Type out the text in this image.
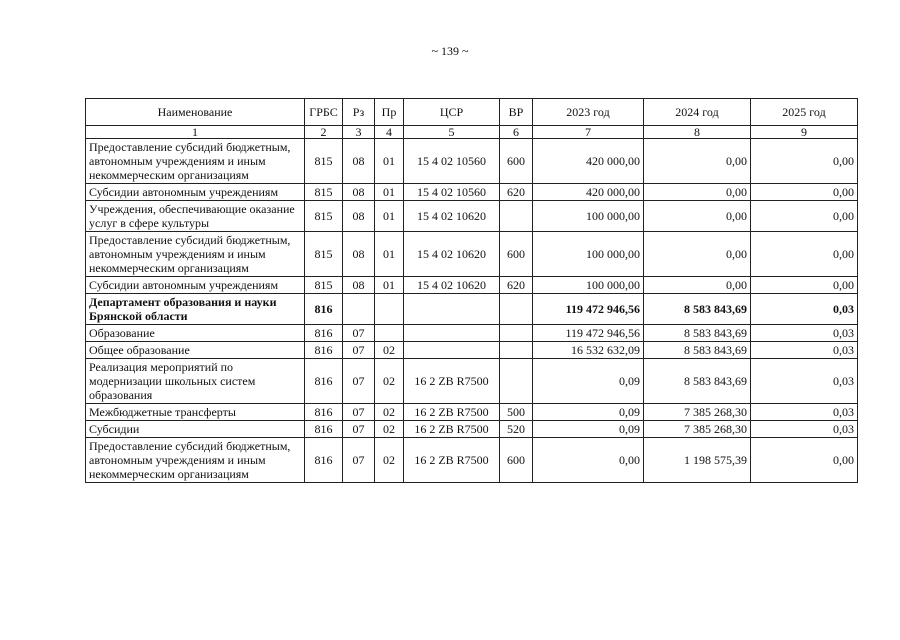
~ 139 ~
Наименование	ГРБС	Рз	Пр	ЦСР	ВР	2023 год	2024 год	2025 год
1	2	3	4	5	6	7	8	9
Предоставление субсидий бюджетным, автономным учреждениям и иным некоммерческим организациям	815	08	01	15 4 02 10560	600	420 000,00	0,00	0,00
Субсидии автономным учреждениям	815	08	01	15 4 02 10560	620	420 000,00	0,00	0,00
Учреждения, обеспечивающие оказание услуг в сфере культуры	815	08	01	15 4 02 10620		100 000,00	0,00	0,00
Предоставление субсидий бюджетным, автономным учреждениям и иным некоммерческим организациям	815	08	01	15 4 02 10620	600	100 000,00	0,00	0,00
Субсидии автономным учреждениям	815	08	01	15 4 02 10620	620	100 000,00	0,00	0,00
Департамент образования и науки Брянской области	816					119 472 946,56	8 583 843,69	0,03
Образование	816	07				119 472 946,56	8 583 843,69	0,03
Общее образование	816	07	02			16 532 632,09	8 583 843,69	0,03
Реализация мероприятий по модернизации школьных систем образования	816	07	02	16 2 ZB R7500		0,09	8 583 843,69	0,03
Межбюджетные трансферты	816	07	02	16 2 ZB R7500	500	0,09	7 385 268,30	0,03
Субсидии	816	07	02	16 2 ZB R7500	520	0,09	7 385 268,30	0,03
Предоставление субсидий бюджетным, автономным учреждениям и иным некоммерческим организациям	816	07	02	16 2 ZB R7500	600	0,00	1 198 575,39	0,00
